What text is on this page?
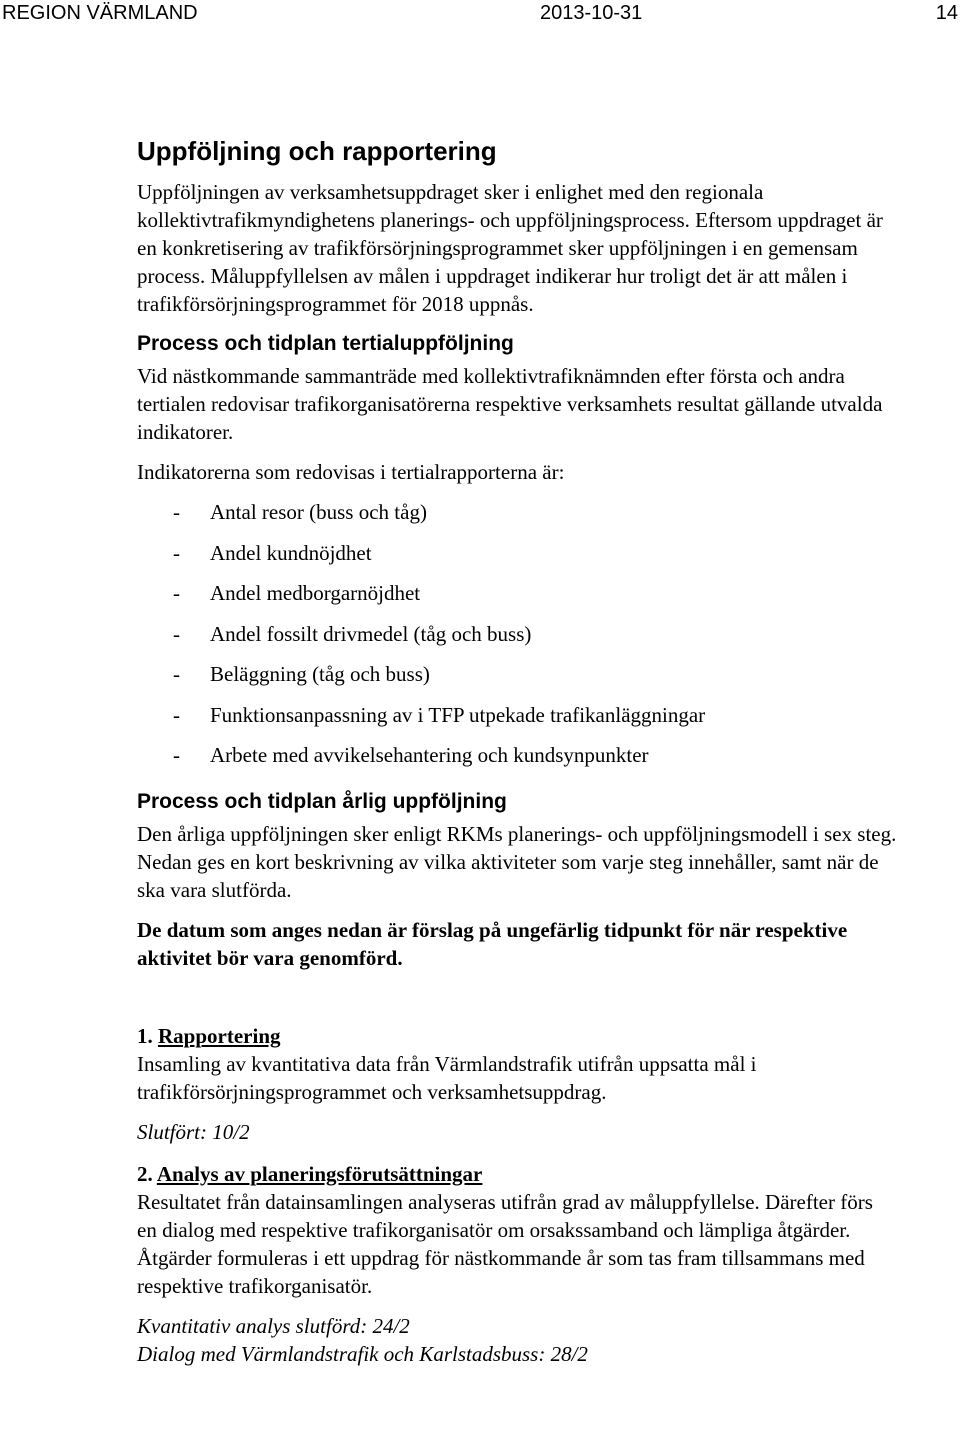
REGION VÄRMLAND	2013-10-31	14
Uppföljning och rapportering

Uppföljningen av verksamhetsuppdraget sker i enlighet med den regionala kollektivtrafikmyndighetens planerings- och uppföljningsprocess. Eftersom uppdraget är en konkretisering av trafikförsörjningsprogrammet sker uppföljningen i en gemensam process. Måluppfyllelsen av målen i uppdraget indikerar hur troligt det är att målen i trafikförsörjningsprogrammet för 2018 uppnås.

Process och tidplan tertialuppföljning

Vid nästkommande sammanträde med kollektivtrafiknämnden efter första och andra tertialen redovisar trafikorganisatörerna respektive verksamhets resultat gällande utvalda indikatorer.

Indikatorerna som redovisas i tertialrapporterna är:

- Antal resor (buss och tåg)
- Andel kundnöjdhet
- Andel medborgarnöjdhet
- Andel fossilt drivmedel (tåg och buss)
- Beläggning (tåg och buss)
- Funktionsanpassning av i TFP utpekade trafikanläggningar
- Arbete med avvikelsehantering och kundsynpunkter
Process och tidplan årlig uppföljning

Den årliga uppföljningen sker enligt RKMs planerings- och uppföljningsmodell i sex steg. Nedan ges en kort beskrivning av vilka aktiviteter som varje steg innehåller, samt när de ska vara slutförda.

De datum som anges nedan är förslag på ungefärlig tidpunkt för när respektive aktivitet bör vara genomförd.

1. Rapportering

Insamling av kvantitativa data från Värmlandstrafik utifrån uppsatta mål i trafikförsörjningsprogrammet och verksamhetsuppdrag.

Slutfört: 10/2

2. Analys av planeringsförutsättningar

Resultatet från datainsamlingen analyseras utifrån grad av måluppfyllelse. Därefter förs en dialog med respektive trafikorganisatör om orsakssamband och lämpliga åtgärder. Åtgärder formuleras i ett uppdrag för nästkommande år som tas fram tillsammans med respektive trafikorganisatör.

Kvantitativ analys slutförd: 24/2

Dialog med Värmlandstrafik och Karlstadsbuss: 28/2
